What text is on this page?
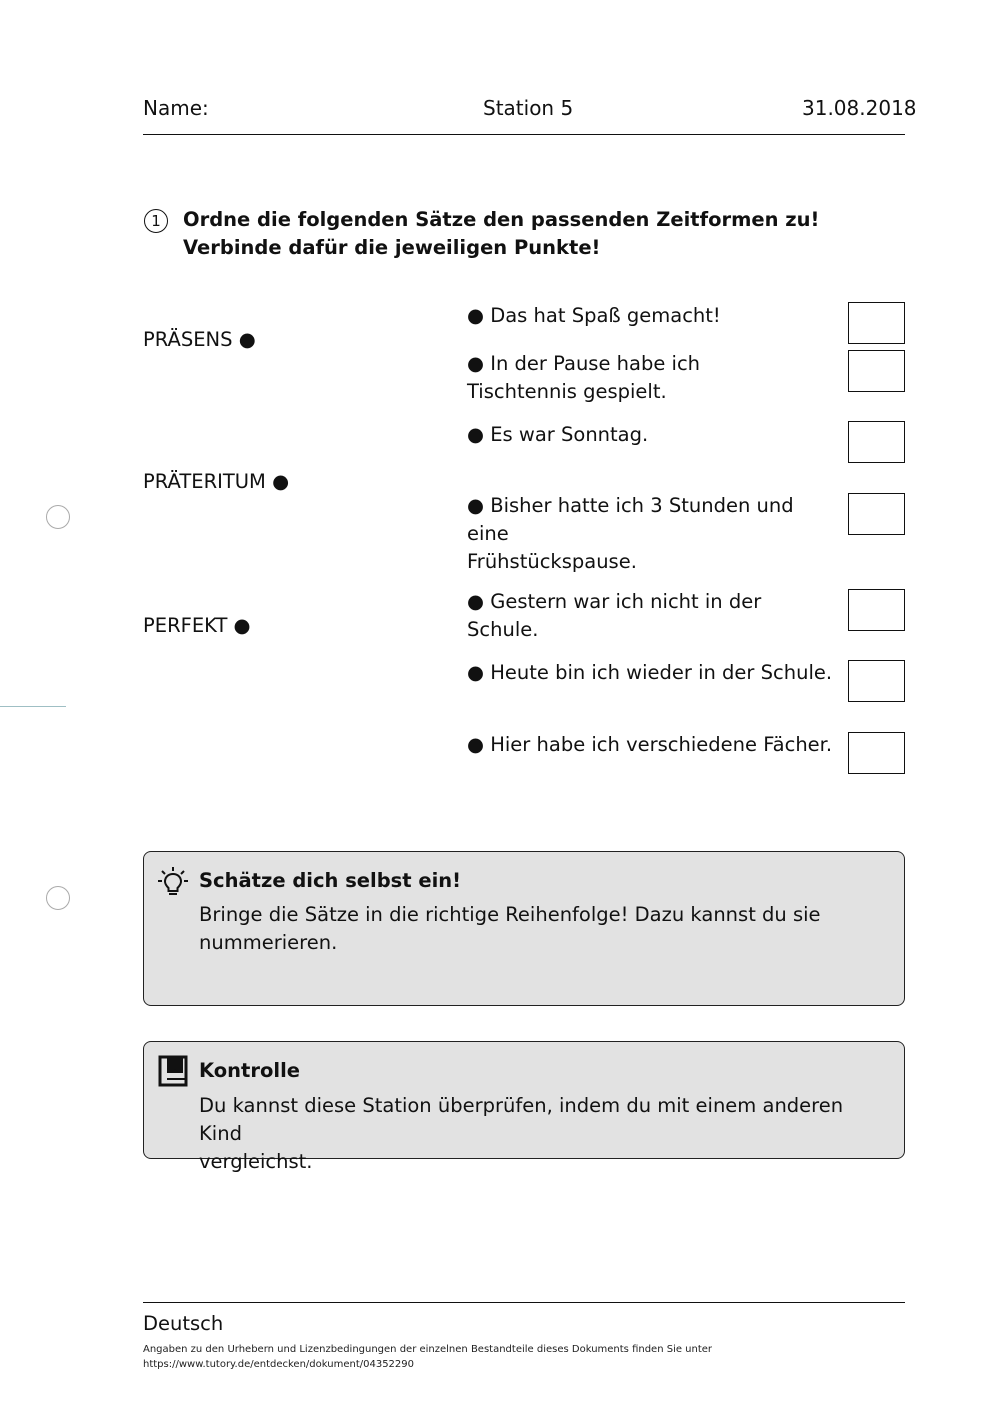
Name:	Station 5	31.08.2018
1	Ordne die folgenden Sätze den passenden Zeitformen zu! Verbinde dafür die jeweiligen Punkte!
PRÄSENS ●
PRÄTERITUM ●
PERFEKT ●
● Das hat Spaß gemacht!
● In der Pause habe ich
Tischtennis gespielt.
● Es war Sonntag.
● Bisher hatte ich 3 Stunden und eine
Frühstückspause.
● Gestern war ich nicht in der Schule.
● Heute bin ich wieder in der Schule.
● Hier habe ich verschiedene Fächer.
Schätze dich selbst ein!
Bringe die Sätze in die richtige Reihenfolge! Dazu kannst du sie
nummerieren.
Kontrolle
Du kannst diese Station überprüfen, indem du mit einem anderen Kind
vergleichst.
Deutsch
Angaben zu den Urhebern und Lizenzbedingungen der einzelnen Bestandteile dieses Dokuments finden Sie unter
https://www.tutory.de/entdecken/dokument/04352290
